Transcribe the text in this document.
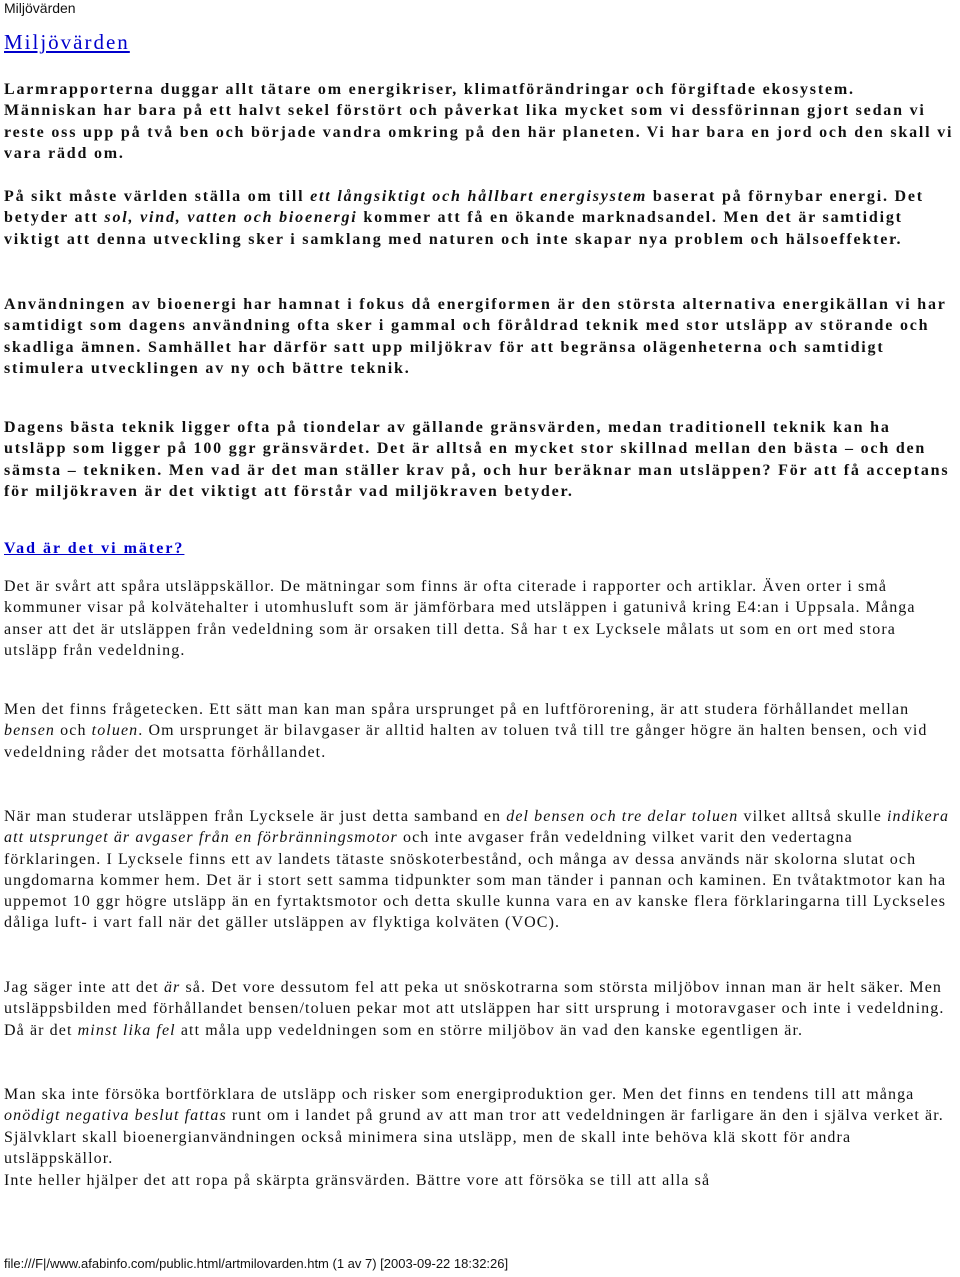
Miljövärden
Miljövärden

Larmrapporterna duggar allt tätare om energikriser, klimatförändringar och förgiftade ekosystem. Människan har bara på ett halvt sekel förstört och påverkat lika mycket som vi dessförinnan gjort sedan vi reste oss upp på två ben och började vandra omkring på den här planeten. Vi har bara en jord och den skall vi vara rädd om.

På sikt måste världen ställa om till ett långsiktigt och hållbart energisystem baserat på förnybar energi. Det betyder att sol, vind, vatten och bioenergi kommer att få en ökande marknadsandel. Men det är samtidigt viktigt att denna utveckling sker i samklang med naturen och inte skapar nya problem och hälsoeffekter.

Användningen av bioenergi har hamnat i fokus då energiformen är den största alternativa energikällan vi har samtidigt som dagens användning ofta sker i gammal och föråldrad teknik med stor utsläpp av störande och skadliga ämnen. Samhället har därför satt upp miljökrav för att begränsa olägenheterna och samtidigt stimulera utvecklingen av ny och bättre teknik.

Dagens bästa teknik ligger ofta på tiondelar av gällande gränsvärden, medan traditionell teknik kan ha utsläpp som ligger på 100 ggr gränsvärdet. Det är alltså en mycket stor skillnad mellan den bästa – och den sämsta – tekniken. Men vad är det man ställer krav på, och hur beräknar man utsläppen? För att få acceptans för miljökraven är det viktigt att förstår vad miljökraven betyder.

Vad är det vi mäter?

Det är svårt att spåra utsläppskällor. De mätningar som finns är ofta citerade i rapporter och artiklar. Även orter i små kommuner visar på kolvätehalter i utomhusluft som är jämförbara med utsläppen i gatunivå kring E4:an i Uppsala. Många anser att det är utsläppen från vedeldning som är orsaken till detta. Så har t ex Lycksele målats ut som en ort med stora utsläpp från vedeldning.

Men det finns frågetecken. Ett sätt man kan man spåra ursprunget på en luftförorening, är att studera förhållandet mellan bensen och toluen. Om ursprunget är bilavgaser är alltid halten av toluen två till tre gånger högre än halten bensen, och vid vedeldning råder det motsatta förhållandet.

När man studerar utsläppen från Lycksele är just detta samband en del bensen och tre delar toluen vilket alltså skulle indikera att utsprunget är avgaser från en förbränningsmotor och inte avgaser från vedeldning vilket varit den vedertagna förklaringen. I Lycksele finns ett av landets tätaste snöskoterbestånd, och många av dessa används när skolorna slutat och ungdomarna kommer hem. Det är i stort sett samma tidpunkter som man tänder i pannan och kaminen. En tvåtaktmotor kan ha uppemot 10 ggr högre utsläpp än en fyrtaktsmotor och detta skulle kunna vara en av kanske flera förklaringarna till Lyckseles dåliga luft- i vart fall när det gäller utsläppen av flyktiga kolväten (VOC).

Jag säger inte att det är så. Det vore dessutom fel att peka ut snöskotrarna som största miljöbov innan man är helt säker. Men utsläppsbilden med förhållandet bensen/toluen pekar mot att utsläppen har sitt ursprung i motoravgaser och inte i vedeldning. Då är det minst lika fel att måla upp vedeldningen som en större miljöbov än vad den kanske egentligen är.

Man ska inte försöka bortförklara de utsläpp och risker som energiproduktion ger. Men det finns en tendens till att många onödigt negativa beslut fattas runt om i landet på grund av att man tror att vedeldningen är farligare än den i själva verket är. Självklart skall bioenergianvändningen också minimera sina utsläpp, men de skall inte behöva klä skott för andra utsläppskällor.

Inte heller hjälper det att ropa på skärpta gränsvärden. Bättre vore att försöka se till att alla så

file:///F|/www.afabinfo.com/public.html/artmilovarden.htm (1 av 7) [2003-09-22 18:32:26]
